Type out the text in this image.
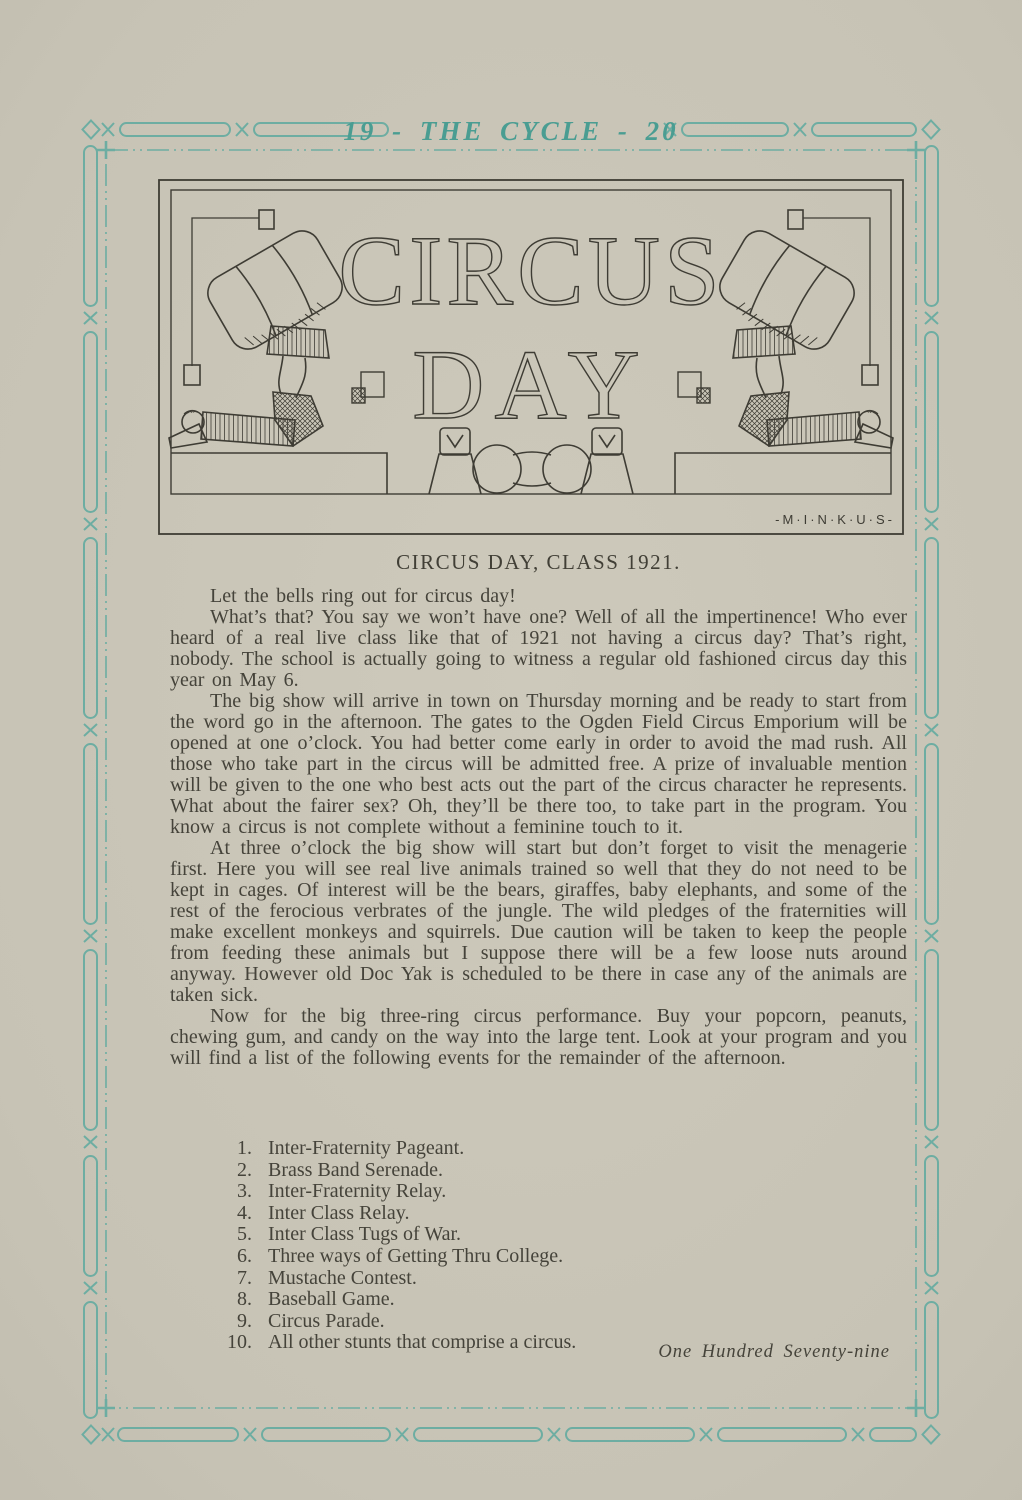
19 - THE CYCLE - 20
CIRCUS
DAY
-M·I·N·K·U·S-
CIRCUS DAY, CLASS 1921.

Let the bells ring out for circus day!

What’s that? You say we won’t have one? Well of all the impertinence! Who ever heard of a real live class like that of 1921 not having a circus day? That’s right, nobody. The school is actually going to witness a regular old fashioned circus day this year on May 6.

The big show will arrive in town on Thursday morning and be ready to start from the word go in the afternoon. The gates to the Ogden Field Circus Emporium will be opened at one o’clock. You had better come early in order to avoid the mad rush. All those who take part in the circus will be admitted free. A prize of invaluable mention will be given to the one who best acts out the part of the circus character he represents. What about the fairer sex? Oh, they’ll be there too, to take part in the program. You know a circus is not complete without a feminine touch to it.

At three o’clock the big show will start but don’t forget to visit the menagerie first. Here you will see real live animals trained so well that they do not need to be kept in cages. Of interest will be the bears, giraffes, baby elephants, and some of the rest of the ferocious verbrates of the jungle. The wild pledges of the fraternities will make excellent monkeys and squirrels. Due caution will be taken to keep the people from feeding these animals but I suppose there will be a few loose nuts around anyway. However old Doc Yak is scheduled to be there in case any of the animals are taken sick.

Now for the big three-ring circus performance. Buy your popcorn, peanuts, chewing gum, and candy on the way into the large tent. Look at your program and you will find a list of the following events for the remainder of the afternoon.

1. Inter-Fraternity Pageant.
2. Brass Band Serenade.
3. Inter-Fraternity Relay.
4. Inter Class Relay.
5. Inter Class Tugs of War.
6. Three ways of Getting Thru College.
7. Mustache Contest.
8. Baseball Game.
9. Circus Parade.
10. All other stunts that comprise a circus.	One Hundred Seventy-nine
